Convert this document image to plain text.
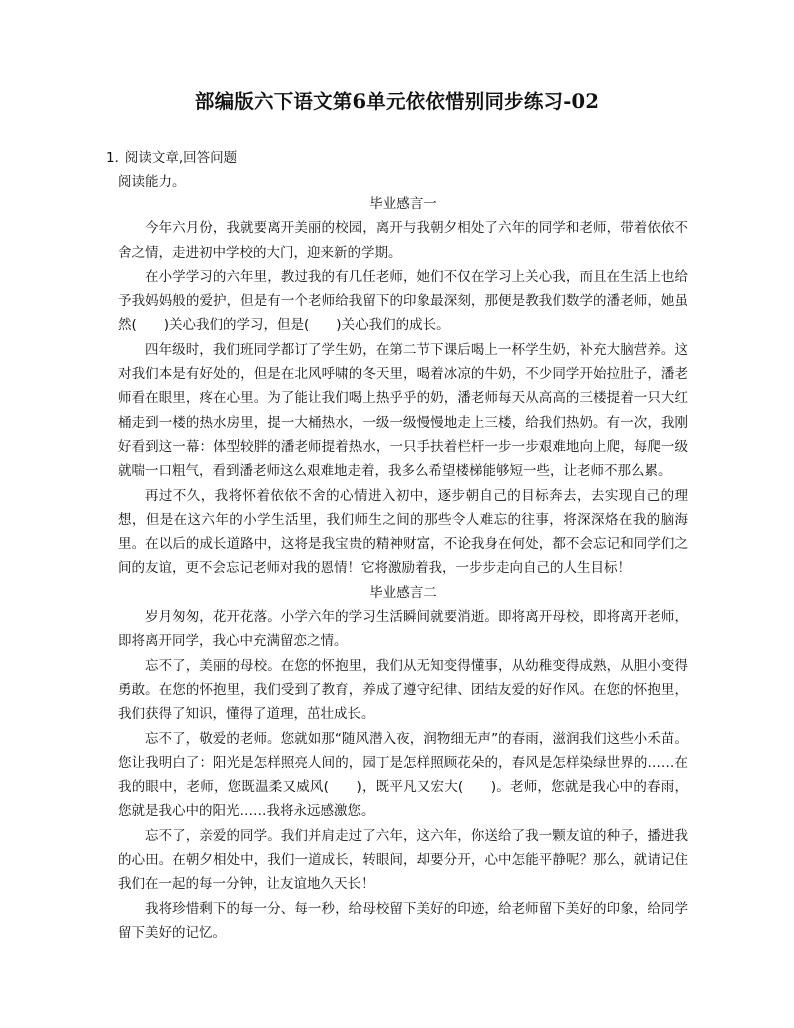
部编版六下语文第6单元依依惜别同步练习-02
1. 阅读文章,回答问题
阅读能力。

毕业感言一

今年六月份，我就要离开美丽的校园，离开与我朝夕相处了六年的同学和老师，带着依依不舍之情，走进初中学校的大门，迎来新的学期。

在小学学习的六年里，教过我的有几任老师，她们不仅在学习上关心我，而且在生活上也给予我妈妈般的爱护，但是有一个老师给我留下的印象最深刻，那便是教我们数学的潘老师，她虽然(　　)关心我们的学习，但是(　　)关心我们的成长。

四年级时，我们班同学都订了学生奶，在第二节下课后喝上一杯学生奶，补充大脑营养。这对我们本是有好处的，但是在北风呼啸的冬天里，喝着冰凉的牛奶，不少同学开始拉肚子，潘老师看在眼里，疼在心里。为了能让我们喝上热乎乎的奶，潘老师每天从高高的三楼提着一只大红桶走到一楼的热水房里，提一大桶热水，一级一级慢慢地走上三楼，给我们热奶。有一次，我刚好看到这一幕：体型较胖的潘老师提着热水，一只手扶着栏杆一步一步艰难地向上爬，每爬一级就喘一口粗气，看到潘老师这么艰难地走着，我多么希望楼梯能够短一些，让老师不那么累。

再过不久，我将怀着依依不舍的心情进入初中，逐步朝自己的目标奔去，去实现自己的理想，但是在这六年的小学生活里，我们师生之间的那些令人难忘的往事，将深深烙在我的脑海里。在以后的成长道路中，这将是我宝贵的精神财富，不论我身在何处，都不会忘记和同学们之间的友谊，更不会忘记老师对我的恩情！它将激励着我，一步步走向自己的人生目标！

毕业感言二

岁月匆匆，花开花落。小学六年的学习生活瞬间就要消逝。即将离开母校，即将离开老师，即将离开同学，我心中充满留恋之情。

忘不了，美丽的母校。在您的怀抱里，我们从无知变得懂事，从幼稚变得成熟，从胆小变得勇敢。在您的怀抱里，我们受到了教育，养成了遵守纪律、团结友爱的好作风。在您的怀抱里，我们获得了知识，懂得了道理，茁壮成长。

忘不了，敬爱的老师。您就如那“随风潜入夜，润物细无声”的春雨，滋润我们这些小禾苗。您让我明白了：阳光是怎样照亮人间的，园丁是怎样照顾花朵的，春风是怎样染绿世界的……在我的眼中，老师，您既温柔又威风(　　)，既平凡又宏大(　　)。老师，您就是我心中的春雨，您就是我心中的阳光……我将永远感激您。

忘不了，亲爱的同学。我们并肩走过了六年，这六年，你送给了我一颗友谊的种子，播进我的心田。在朝夕相处中，我们一道成长，转眼间，却要分开，心中怎能平静呢？那么，就请记住我们在一起的每一分钟，让友谊地久天长！

我将珍惜剩下的每一分、每一秒，给母校留下美好的印迹，给老师留下美好的印象，给同学留下美好的记忆。
